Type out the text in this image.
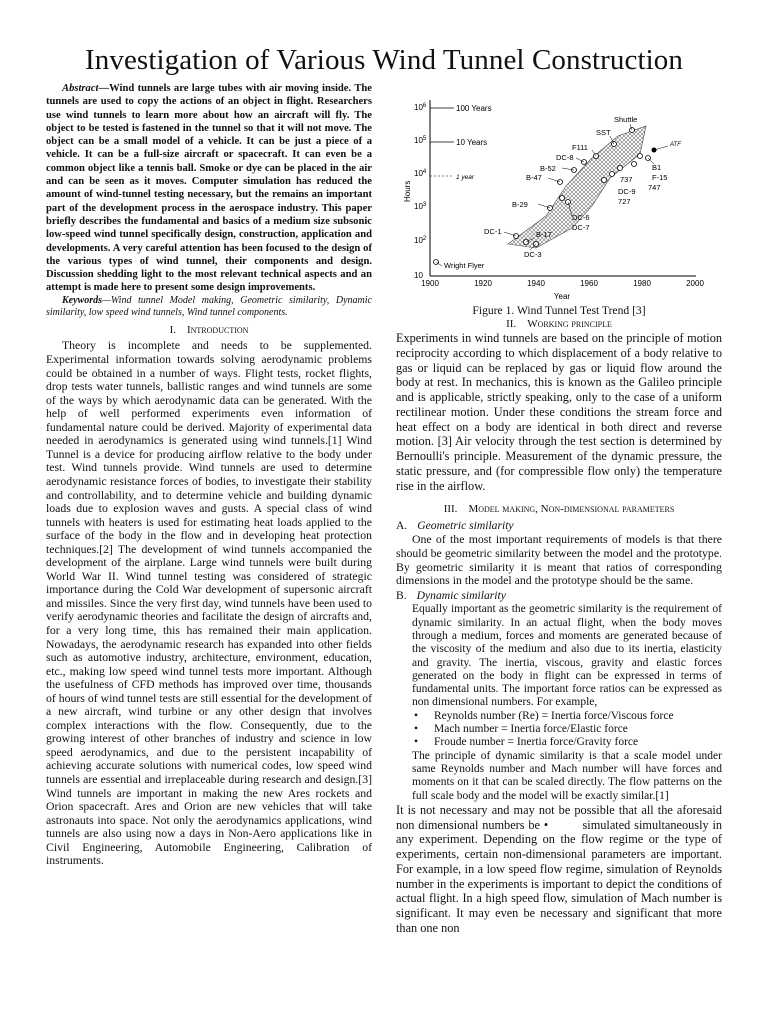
Investigation of Various Wind Tunnel Construction

Abstract—Wind tunnels are large tubes with air moving inside. The tunnels are used to copy the actions of an object in flight. Researchers use wind tunnels to learn more about how an aircraft will fly. The object to be tested is fastened in the tunnel so that it will not move. The object can be a small model of a vehicle. It can be just a piece of a vehicle. It can be a full-size aircraft or spacecraft. It can even be a common object like a tennis ball. Smoke or dye can be placed in the air and can be seen as it moves. Computer simulation has reduced the amount of wind-tunnel testing necessary, but the remains an important part of the development process in the aerospace industry. This paper briefly describes the fundamental and basics of a medium size subsonic low-speed wind tunnel specifically design, construction, application and developments. A very careful attention has been focused to the design of the various types of wind tunnel, their components and design. Discussion shedding light to the most relevant technical aspects and an attempt is made here to present some design improvements.

Keywords—Wind tunnel Model making, Geometric similarity, Dynamic similarity, low speed wind tunnels, Wind tunnel components.

I. Introduction

Theory is incomplete and needs to be supplemented. Experimental information towards solving aerodynamic problems could be obtained in a number of ways. Flight tests, rocket flights, drop tests water tunnels, ballistic ranges and wind tunnels are some of the ways by which aerodynamic data can be generated. With the help of well performed experiments even information of fundamental nature could be derived. Majority of experimental data needed in aerodynamics is generated using wind tunnels.[1] Wind Tunnel is a device for producing airflow relative to the body under test. Wind tunnels provide. Wind tunnels are used to determine aerodynamic resistance forces of bodies, to investigate their stability and controllability, and to determine vehicle and building dynamic loads due to explosion waves and gusts. A special class of wind tunnels with heaters is used for estimating heat loads applied to the surface of the body in the flow and in developing heat protection techniques.[2] The development of wind tunnels accompanied the development of the airplane. Large wind tunnels were built during World War II. Wind tunnel testing was considered of strategic importance during the Cold War development of supersonic aircraft and missiles. Since the very first day, wind tunnels have been used to verify aerodynamic theories and facilitate the design of aircrafts and, for a very long time, this has remained their main application. Nowadays, the aerodynamic research has expanded into other fields such as automotive industry, architecture, environment, education, etc., making low speed wind tunnel tests more important. Although the usefulness of CFD methods has improved over time, thousands of hours of wind tunnel tests are still essential for the development of a new aircraft, wind turbine or any other design that involves complex interactions with the flow. Consequently, due to the growing interest of other branches of industry and science in low speed aerodynamics, and due to the persistent incapability of achieving accurate solutions with numerical codes, low speed wind tunnels are essential and irreplaceable during research and design.[3] Wind tunnels are important in making the new Ares rockets and Orion spacecraft. Ares and Orion are new vehicles that will take astronauts into space. Not only the aerodynamics applications, wind tunnels are also using now a days in Non-Aero applications like in Civil Engineering, Automobile Engineering, Calibration of instruments.

$10^6$
$10^5$
$10^4$
$10^3$
$10^2$
10
Hours
1900	1920	1940	1960	1980	2000
Year
100 Years
10 Years
1 year
Wright Flyer
DC-1	B-17
DC-3
B-29
DC-6
DC-7
B-47
B-52
DC-8
F111
SST
Shuttle
737
DC-9
727
B1
F-15
747
ATF
Figure 1. Wind Tunnel Test Trend [3]
II. Working principle

Experiments in wind tunnels are based on the principle of motion reciprocity according to which displacement of a body relative to gas or liquid can be replaced by gas or liquid flow around the body at rest. In mechanics, this is known as the Galileo principle and is applicable, strictly speaking, only to the case of a uniform rectilinear motion. Under these conditions the stream force and heat effect on a body are identical in both direct and reverse motion. [3] Air velocity through the test section is determined by Bernoulli's principle. Measurement of the dynamic pressure, the static pressure, and (for compressible flow only) the temperature rise in the airflow.

III. Model making, Non-dimensional parameters
A. Geometric similarity

One of the most important requirements of models is that there should be geometric similarity between the model and the prototype. By geometric similarity it is meant that ratios of corresponding dimensions in the model and the prototype should be the same.

B. Dynamic similarity

Equally important as the geometric similarity is the requirement of dynamic similarity. In an actual flight, when the body moves through a medium, forces and moments are generated because of the viscosity of the medium and also due to its inertia, elasticity and gravity. The inertia, viscous, gravity and elastic forces generated on the body in flight can be expressed in terms of fundamental units. The important force ratios can be expressed as non dimensional numbers. For example,

• Reynolds number (Re) = Inertia force/Viscous force
• Mach number = Inertia force/Elastic force
• Froude number = Inertia force/Gravity force

The principle of dynamic similarity is that a scale model under same Reynolds number and Mach number will have forces and moments on it that can be scaled directly. The flow patterns on the full scale body and the model will be exactly similar.[1]

It is not necessary and may not be possible that all the aforesaid non dimensional numbers be •	simulated simultaneously in any experiment. Depending on the flow regime or the type of experiments, certain non-dimensional parameters are important. For example, in a low speed flow regime, simulation of Reynolds number in the experiments is important to depict the conditions of actual flight. In a high speed flow, simulation of Mach number is significant. It may even be necessary and significant that more than one non
